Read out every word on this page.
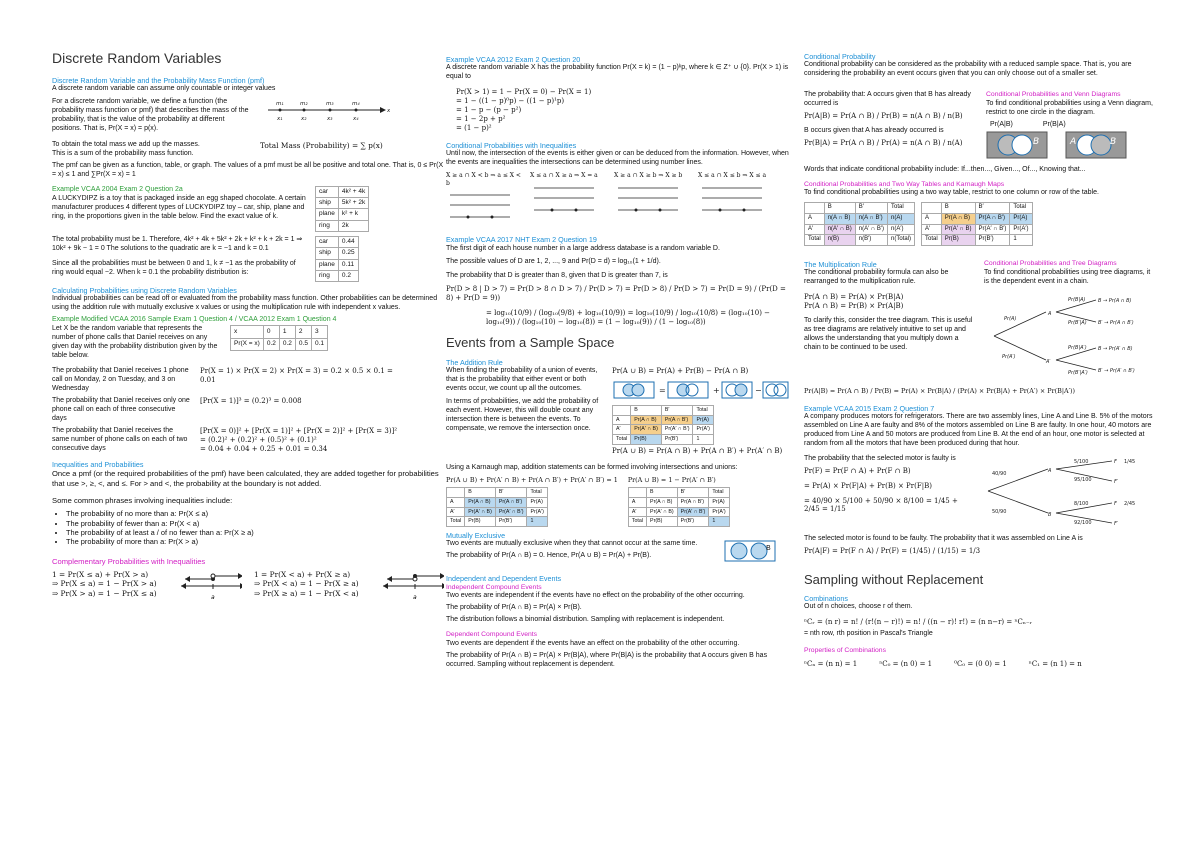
Discrete Random Variables

Discrete Random Variable and the Probability Mass Function (pmf)

A discrete random variable can assume only countable or integer values

For a discrete random variable, we define a function (the probability mass function or pmf) that describes the mass of the probability, that is the value of the probability at different positions. That is, Pr(X = x) = p(x).

m₁	m₂	m₃	m₄
x₁	x₂	x₃	x₄
x

To obtain the total mass we add up the masses.

This is a sum of the probability mass function.

Total Mass (Probability) = ∑ p(x)

The pmf can be given as a function, table, or graph. The values of a pmf must be all be positive and total one. That is, 0 ≤ Pr(X = x) ≤ 1 and ∑Pr(X = x) = 1

Example VCAA 2004 Exam 2 Question 2a

A LUCKYDIPZ is a toy that is packaged inside an egg shaped chocolate. A certain manufacturer produces 4 different types of LUCKYDIPZ toy – car, ship, plane and ring, in the proportions given in the table below. Find the exact value of k.

car	4k² + 4k
ship	5k² + 2k
plane	k² + k
ring	2k

The total probability must be 1. Therefore, 4k² + 4k + 5k² + 2k + k² + k + 2k = 1 ⇒ 10k² + 9k − 1 = 0 The solutions to the quadratic are k = −1 and k = 0.1

Since all the probabilities must be between 0 and 1, k ≠ −1 as the probability of ring would equal −2. When k = 0.1 the probability distribution is:

car	0.44
ship	0.25
plane	0.11
ring	0.2

Calculating Probabilities using Discrete Random Variables

Individual probabilities can be read off or evaluated from the probability mass function. Other probabilities can be determined using the addition rule with mutually exclusive x values or using the multiplication rule with independent x values.

Example Modified VCAA 2016 Sample Exam 1 Question 4 / VCAA 2012 Exam 1 Question 4

Let X be the random variable that represents the number of phone calls that Daniel receives on any given day with the probability distribution given by the table below.

x	0	1	2	3
Pr(X = x)	0.2	0.2	0.5	0.1

The probability that Daniel receives 1 phone call on Monday, 2 on Tuesday, and 3 on Wednesday

Pr(X = 1) × Pr(X = 2) × Pr(X = 3) = 0.2 × 0.5 × 0.1 = 0.01

The probability that Daniel receives only one phone call on each of three consecutive days

[Pr(X = 1)]³ = (0.2)³ = 0.008

The probability that Daniel receives the same number of phone calls on each of two consecutive days

[Pr(X = 0)]² + [Pr(X = 1)]² + [Pr(X = 2)]² + [Pr(X = 3)]²
= (0.2)² + (0.2)² + (0.5)² + (0.1)²
= 0.04 + 0.04 + 0.25 + 0.01 = 0.34

Inequalities and Probabilities

Once a pmf (or the required probabilities of the pmf) have been calculated, they are added together for probabilities that use >, ≥, <, and ≤. For > and <, the probability at the boundary is not added.

Some common phrases involving inequalities include:

• The probability of no more than a: Pr(X ≤ a)
• The probability of fewer than a: Pr(X < a)
• The probability of at least a / of no fewer than a: Pr(X ≥ a)
• The probability of more than a: Pr(X > a)

Complementary Probabilities with Inequalities

1 = Pr(X ≤ a) + Pr(X > a)
⇒ Pr(X ≤ a) = 1 − Pr(X > a)
⇒ Pr(X > a) = 1 − Pr(X ≤ a)	a
1 = Pr(X < a) + Pr(X ≥ a)
⇒ Pr(X < a) = 1 − Pr(X ≥ a)
⇒ Pr(X ≥ a) = 1 − Pr(X < a)	a

Example VCAA 2012 Exam 2 Question 20

A discrete random variable X has the probability function Pr(X = k) = (1 − p)ᵏp, where k ∈ Z⁺ ∪ {0}. Pr(X > 1) is equal to

Pr(X > 1) = 1 − Pr(X = 0) − Pr(X = 1)
= 1 − ((1 − p)⁰p) − ((1 − p)¹p)
= 1 − p − (p − p²)
= 1 − 2p + p²
= (1 − p)²

Conditional Probabilities with Inequalities

Until now, the intersection of the events is either given or can be deduced from the information. However, when the events are inequalities the intersections can be determined using number lines.

X ≥ a ∩ X < b ⇒ a ≤ X < b
X ≤ a ∩ X ≥ a ⇒ X = a	X ≥ a ∩ X ≥ b ⇒ X ≥ b	X ≤ a ∩ X ≤ b ⇒ X ≤ a

Example VCAA 2017 NHT Exam 2 Question 19

The first digit of each house number in a large address database is a random variable D.

The possible values of D are 1, 2, ..., 9 and Pr(D = d) = log₁₀(1 + 1/d).

The probability that D is greater than 8, given that D is greater than 7, is

Pr(D > 8 | D > 7) = Pr(D > 8 ∩ D > 7) / Pr(D > 7) = Pr(D > 8) / Pr(D > 7) = Pr(D = 9) / (Pr(D = 8) + Pr(D = 9))

= log₁₀(10/9) / (log₁₀(9/8) + log₁₀(10/9)) = log₁₀(10/9) / log₁₀(10/8) = (log₁₀(10) − log₁₀(9)) / (log₁₀(10) − log₁₀(8)) = (1 − log₁₀(9)) / (1 − log₁₀(8))

Events from a Sample Space

The Addition Rule

When finding the probability of a union of events, that is the probability that either event or both events occur, we count up all the outcomes.

In terms of probabilities, we add the probability of each event. However, this will double count any intersection there is between the events. To compensate, we remove the intersection once.

Pr(A ∪ B) = Pr(A) + Pr(B) − Pr(A ∩ B)

=	+	−
	B	B′	Total
A	Pr(A ∩ B)	Pr(A ∩ B′)	Pr(A)
A′	Pr(A′ ∩ B)	Pr(A′ ∩ B′)	Pr(A′)
Total	Pr(B)	Pr(B′)	1

Pr(A ∪ B) = Pr(A ∩ B) + Pr(A ∩ B′) + Pr(A′ ∩ B)

Using a Karnaugh map, addition statements can be formed involving intersections and unions:

Pr(A ∪ B) + Pr(A′ ∩ B) + Pr(A ∩ B′) + Pr(A′ ∩ B′) = 1

	B	B′	Total
A	Pr(A ∩ B)	Pr(A ∩ B′)	Pr(A)
A′	Pr(A′ ∩ B)	Pr(A′ ∩ B′)	Pr(A′)
Total	Pr(B)	Pr(B′)	1

Pr(A ∪ B) = 1 − Pr(A′ ∩ B′)

	B	B′	Total
A	Pr(A ∩ B)	Pr(A ∩ B′)	Pr(A)
A′	Pr(A′ ∩ B)	Pr(A′ ∩ B′)	Pr(A′)
Total	Pr(B)	Pr(B′)	1

Mutually Exclusive

Two events are mutually exclusive when they that cannot occur at the same time.

The probability of Pr(A ∩ B) = 0. Hence, Pr(A ∪ B) = Pr(A) + Pr(B).

B

Independent and Dependent Events

Independent Compound Events

Two events are independent if the events have no effect on the probability of the other occurring.

The probability of Pr(A ∩ B) = Pr(A) × Pr(B).

The distribution follows a binomial distribution. Sampling with replacement is independent.

Dependent Compound Events

Two events are dependent if the events have an effect on the probability of the other occurring.

The probability of Pr(A ∩ B) = Pr(A) × Pr(B|A), where Pr(B|A) is the probability that A occurs given B has occurred. Sampling without replacement is dependent.

Conditional Probability

Conditional probability can be considered as the probability with a reduced sample space. That is, you are considering the probability an event occurs given that you can only choose out of a smaller set.

The probability that: A occurs given that B has already occurred is

Pr(A|B) = Pr(A ∩ B) / Pr(B) = n(A ∩ B) / n(B)

B occurs given that A has already occurred is

Pr(B|A) = Pr(A ∩ B) / Pr(A) = n(A ∩ B) / n(A)

Conditional Probabilities and Venn Diagrams

To find conditional probabilities using a Venn diagram, restrict to one circle in the diagram.

Pr(A|B)	Pr(B|A)
B	A	B

Words that indicate conditional probability include: If...then..., Given..., Of..., Knowing that...

Conditional Probabilities and Two Way Tables and Karnaugh Maps

To find conditional probabilities using a two way table, restrict to one column or row of the table.

	B	B′	Total
A	n(A ∩ B)	n(A ∩ B′)	n(A)
A′	n(A′ ∩ B)	n(A′ ∩ B′)	n(A′)
Total	n(B)	n(B′)	n(Total)
	B	B′	Total
A	Pr(A ∩ B)	Pr(A ∩ B′)	Pr(A)
A′	Pr(A′ ∩ B)	Pr(A′ ∩ B′)	Pr(A′)
Total	Pr(B)	Pr(B′)	1

The Multiplication Rule

The conditional probability formula can also be rearranged to the multiplication rule.

Pr(A ∩ B) = Pr(A) × Pr(B|A)

Pr(A ∩ B) = Pr(B) × Pr(A|B)

To clarify this, consider the tree diagram. This is useful as tree diagrams are relatively intuitive to set up and allows the understanding that you multiply down a chain to be continued to be used.

Conditional Probabilities and Tree Diagrams

To find conditional probabilities using tree diagrams, it is the dependent event in a chain.

Pr(A)
Pr(A′)
A
A′
Pr(B|A)
Pr(B′|A)
Pr(B|A′)
Pr(B′|A′)
B → Pr(A ∩ B)
B′ → Pr(A ∩ B′)
B → Pr(A′ ∩ B)
B′ → Pr(A′ ∩ B′)

Pr(A|B) = Pr(A ∩ B) / Pr(B) = Pr(A) × Pr(B|A) / (Pr(A) × Pr(B|A) + Pr(A′) × Pr(B|A′))

Example VCAA 2015 Exam 2 Question 7

A company produces motors for refrigerators. There are two assembly lines, Line A and Line B. 5% of the motors assembled on Line A are faulty and 8% of the motors assembled on Line B are faulty. In one hour, 40 motors are produced from Line A and 50 motors are produced from Line B. At the end of an hour, one motor is selected at random from all the motors that have been produced during that hour.

The probability that the selected motor is faulty is

Pr(F) = Pr(F ∩ A) + Pr(F ∩ B)

= Pr(A) × Pr(F|A) + Pr(B) × Pr(F|B)

= 40/90 × 5/100 + 50/90 × 8/100 = 1/45 + 2/45 = 1/15

40/90
50/90
A
B
5/100
95/100
8/100
92/100
F
F′
F
F′
1/45
2/45

The selected motor is found to be faulty. The probability that it was assembled on Line A is

Pr(A|F) = Pr(F ∩ A) / Pr(F) = (1/45) / (1/15) = 1/3

Sampling without Replacement

Combinations

Out of n choices, choose r of them.

ⁿCᵣ = (n r) = n! / (r!(n − r)!) = n! / ((n − r)! r!) = (n n−r) = ⁿCₙ₋ᵣ

= nth row, rth position in Pascal's Triangle

Properties of Combinations

ⁿCₙ = (n n) = 1	ⁿC₀ = (n 0) = 1	⁰C₀ = (0 0) = 1	ⁿC₁ = (n 1) = n
